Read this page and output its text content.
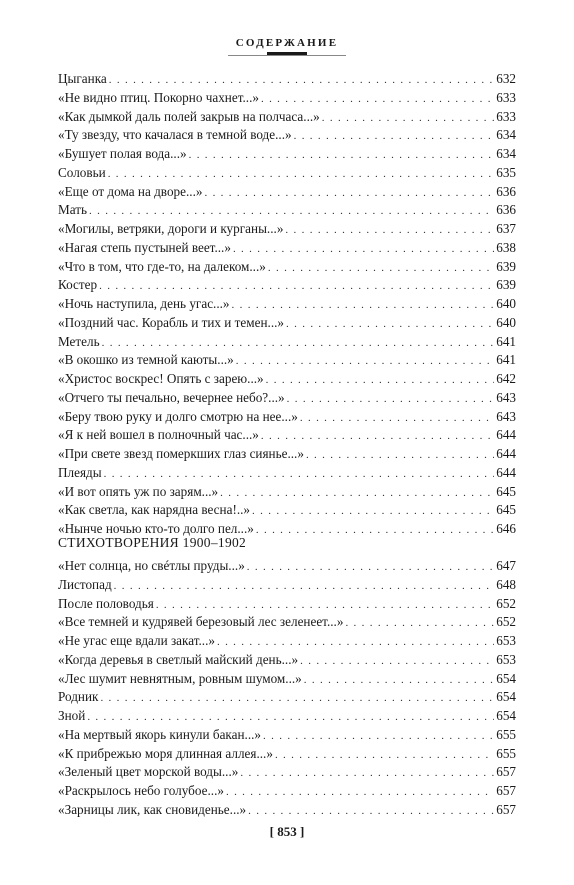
СОДЕРЖАНИЕ
Цыганка . . .	632
«Не видно птиц. Покорно чахнет...» . . .	633
«Как дымкой даль полей закрыв на полчаса...» . . .	633
«Ту звезду, что качалася в темной воде...» . . .	634
«Бушует полая вода...» . . .	634
Соловьи . . .	635
«Еще от дома на дворе...» . . .	636
Мать . . .	636
«Могилы, ветряки, дороги и курганы...» . . .	637
«Нагая степь пустыней веет...» . . .	638
«Что в том, что где-то, на далеком...» . . .	639
Костер . . .	639
«Ночь наступила, день угас...» . . .	640
«Поздний час. Корабль и тих и темен...» . . .	640
Метель . . .	641
«В окошко из темной каюты...» . . .	641
«Христос воскрес! Опять с зарею...» . . .	642
«Отчего ты печально, вечернее небо?...» . . .	643
«Беру твою руку и долго смотрю на нее...» . . .	643
«Я к ней вошел в полночный час...» . . .	644
«При свете звезд померкших глаз сиянье...» . . .	644
Плеяды . . .	644
«И вот опять уж по зарям...» . . .	645
«Как светла, как нарядна весна!..» . . .	645
«Нынче ночью кто-то долго пел...» . . .	646
СТИХОТВОРЕНИЯ 1900–1902
«Нет солнца, но свéтлы пруды...» . . .	647
Листопад . . .	648
После половодья . . .	652
«Все темней и кудрявей березовый лес зеленеет...» . . .	652
«Не угас еще вдали закат...» . . .	653
«Когда деревья в светлый майский день...» . . .	653
«Лес шумит невнятным, ровным шумом...» . . .	654
Родник . . .	654
Зной . . .	654
«На мертвый якорь кинули бакан...» . . .	655
«К прибрежью моря длинная аллея...» . . .	655
«Зеленый цвет морской воды...» . . .	657
«Раскрылось небо голубое...» . . .	657
«Зарницы лик, как сновиденье...» . . .	657
[ 853 ]
